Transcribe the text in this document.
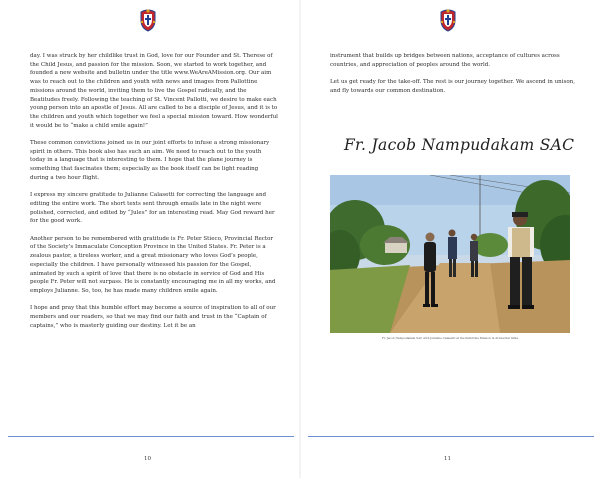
day. I was struck by her childlike trust in God, love for our Founder and St. Therese of the Child Jesus, and passion for the mission. Soon, we started to work together, and founded a new website and bulletin under the title www.WeAreAMission.org. Our aim was to reach out to the children and youth with news and images from Pallottine missions around the world, inviting them to live the Gospel radically, and the Beatitudes freely. Following the teaching of St. Vincent Pallotti, we desire to make each young person into an apostle of Jesus. All are called to be a disciple of Jesus, and it is to the children and youth which together we feel a special mission toward. How wonderful it would be to “make a child smile again!”

These common convictions joined us in our joint efforts to infuse a strong missionary spirit in others. This book also has such an aim. We need to reach out to the youth today in a language that is interesting to them. I hope that the plane journey is something that fascinates them; especially as the book itself can be light reading during a two hour flight.

I express my sincere gratitude to Julianne Calasetti for correcting the language and editing the entire work. The short texts sent through emails late in the night were polished, corrected, and edited by “Jules” for an interesting read. May God reward her for the good work.

Another person to be remembered with gratitude is Fr. Peter Stieco, Provincial Rector of the Society’s Immaculate Conception Province in the United States. Fr. Peter is a zealous pastor, a tireless worker, and a great missionary who loves God’s people, especially the children. I have personally witnessed his passion for the Gospel, animated by such a spirit of love that there is no obstacle in service of God and His people Fr. Peter will not surpass. He is constantly encouraging me in all my works, and employs Julianne. So, too, he has made many children smile again.

I hope and pray that this humble effort may become a source of inspiration to all of our members and our readers, so that we may find our faith and trust in the “Captain of captains,” who is masterly guiding our destiny. Let it be an

10

instrument that builds up bridges between nations, acceptance of cultures across countries, and appreciation of peoples around the world.

Let us get ready for the take-off. The rest is our journey together. We ascend in unison, and fly towards our common destination.

Fr. Jacob Nampudakam SAC
Fr. Jacob Nampudakam SAC with Julianne Calasetti at the Pallottine Mission in Arunachal India
11
